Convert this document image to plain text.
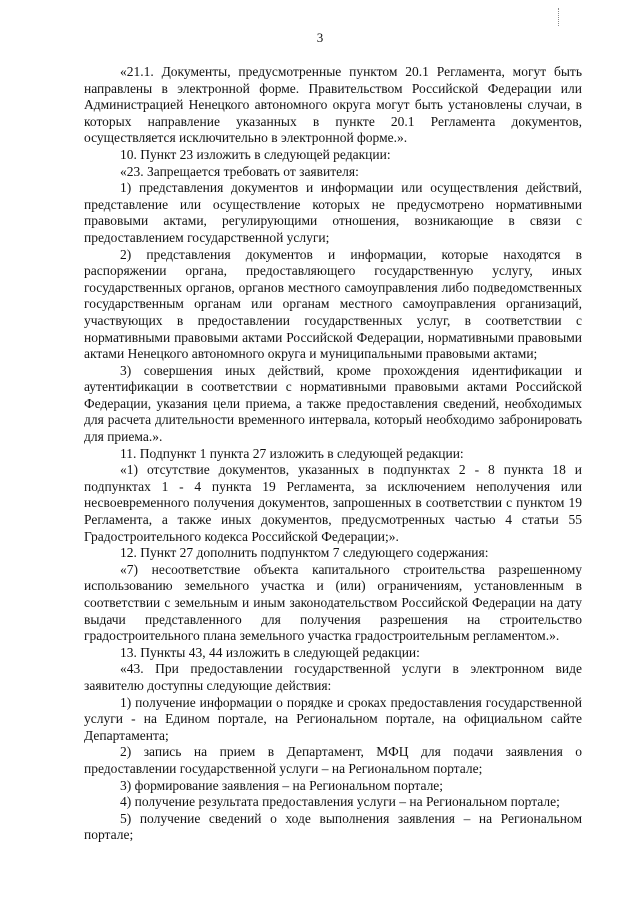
3

«21.1. Документы, предусмотренные пунктом 20.1 Регламента, могут быть направлены в электронной форме. Правительством Российской Федерации или Администрацией Ненецкого автономного округа могут быть установлены случаи, в которых направление указанных в пункте 20.1 Регламента документов, осуществляется исключительно в электронной форме.».

10. Пункт 23 изложить в следующей редакции:

«23. Запрещается требовать от заявителя:

1) представления документов и информации или осуществления действий, представление или осуществление которых не предусмотрено нормативными правовыми актами, регулирующими отношения, возникающие в связи с предоставлением государственной услуги;

2) представления документов и информации, которые находятся в распоряжении органа, предоставляющего государственную услугу, иных государственных органов, органов местного самоуправления либо подведомственных государственным органам или органам местного самоуправления организаций, участвующих в предоставлении государственных услуг, в соответствии с нормативными правовыми актами Российской Федерации, нормативными правовыми актами Ненецкого автономного округа и муниципальными правовыми актами;

3) совершения иных действий, кроме прохождения идентификации и аутентификации в соответствии с нормативными правовыми актами Российской Федерации, указания цели приема, а также предоставления сведений, необходимых для расчета длительности временного интервала, который необходимо забронировать для приема.».

11. Подпункт 1 пункта 27 изложить в следующей редакции:

«1) отсутствие документов, указанных в подпунктах 2 - 8 пункта 18 и подпунктах 1 - 4 пункта 19 Регламента, за исключением неполучения или несвоевременного получения документов, запрошенных в соответствии с пунктом 19 Регламента, а также иных документов, предусмотренных частью 4 статьи 55 Градостроительного кодекса Российской Федерации;».

12. Пункт 27 дополнить подпунктом 7 следующего содержания:

«7) несоответствие объекта капитального строительства разрешенному использованию земельного участка и (или) ограничениям, установленным в соответствии с земельным и иным законодательством Российской Федерации на дату выдачи представленного для получения разрешения на строительство градостроительного плана земельного участка градостроительным регламентом.».

13. Пункты 43, 44 изложить в следующей редакции:

«43. При предоставлении государственной услуги в электронном виде заявителю доступны следующие действия:

1) получение информации о порядке и сроках предоставления государственной услуги - на Едином портале, на Региональном портале, на официальном сайте Департамента;

2) запись на прием в Департамент, МФЦ для подачи заявления о предоставлении государственной услуги – на Региональном портале;

3) формирование заявления – на Региональном портале;

4) получение результата предоставления услуги – на Региональном портале;

5) получение сведений о ходе выполнения заявления – на Региональном портале;
